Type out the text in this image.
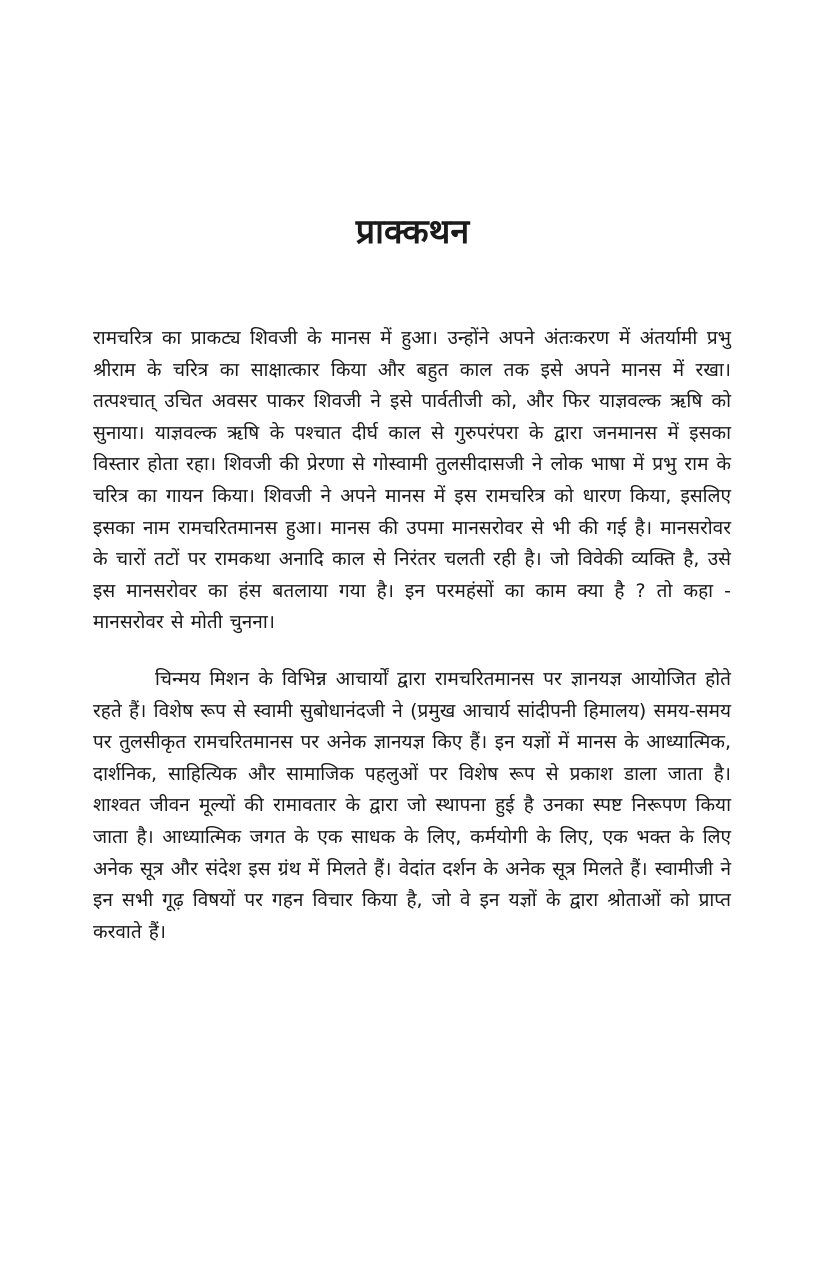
प्राक्कथन

रामचरित्र का प्राकट्य शिवजी के मानस में हुआ। उन्होंने अपने अंतःकरण में अंतर्यामी प्रभु श्रीराम के चरित्र का साक्षात्कार किया और बहुत काल तक इसे अपने मानस में रखा। तत्पश्चात् उचित अवसर पाकर शिवजी ने इसे पार्वतीजी को, और फिर याज्ञवल्क ऋषि को सुनाया। याज्ञवल्क ऋषि के पश्चात दीर्घ काल से गुरुपरंपरा के द्वारा जनमानस में इसका विस्तार होता रहा। शिवजी की प्रेरणा से गोस्वामी तुलसीदासजी ने लोक भाषा में प्रभु राम के चरित्र का गायन किया। शिवजी ने अपने मानस में इस रामचरित्र को धारण किया, इसलिए इसका नाम रामचरितमानस हुआ। मानस की उपमा मानसरोवर से भी की गई है। मानसरोवर के चारों तटों पर रामकथा अनादि काल से निरंतर चलती रही है। जो विवेकी व्यक्ति है, उसे इस मानसरोवर का हंस बतलाया गया है। इन परमहंसों का काम क्या है ? तो कहा - मानसरोवर से मोती चुनना।

चिन्मय मिशन के विभिन्न आचार्यों द्वारा रामचरितमानस पर ज्ञानयज्ञ आयोजित होते रहते हैं। विशेष रूप से स्वामी सुबोधानंदजी ने (प्रमुख आचार्य सांदीपनी हिमालय) समय-समय पर तुलसीकृत रामचरितमानस पर अनेक ज्ञानयज्ञ किए हैं। इन यज्ञों में मानस के आध्यात्मिक, दार्शनिक, साहित्यिक और सामाजिक पहलुओं पर विशेष रूप से प्रकाश डाला जाता है। शाश्वत जीवन मूल्यों की रामावतार के द्वारा जो स्थापना हुई है उनका स्पष्ट निरूपण किया जाता है। आध्यात्मिक जगत के एक साधक के लिए, कर्मयोगी के लिए, एक भक्त के लिए अनेक सूत्र और संदेश इस ग्रंथ में मिलते हैं। वेदांत दर्शन के अनेक सूत्र मिलते हैं। स्वामीजी ने इन सभी गूढ़ विषयों पर गहन विचार किया है, जो वे इन यज्ञों के द्वारा श्रोताओं को प्राप्त करवाते हैं।
